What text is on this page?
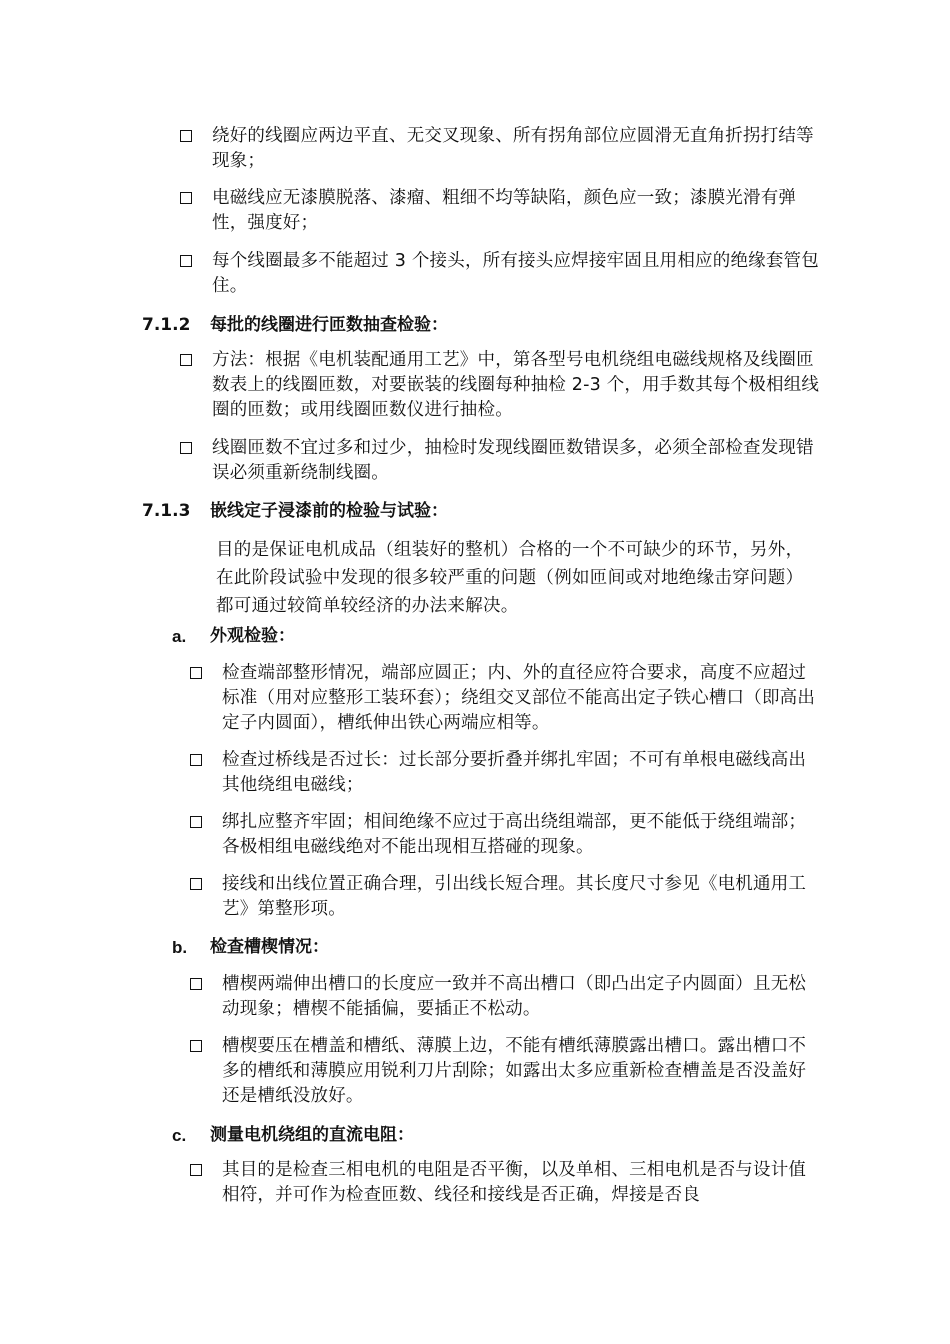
绕好的线圈应两边平直、无交叉现象、所有拐角部位应圆滑无直角折拐打结等现象；
电磁线应无漆膜脱落、漆瘤、粗细不均等缺陷，颜色应一致；漆膜光滑有弹性，强度好；
每个线圈最多不能超过 3 个接头，所有接头应焊接牢固且用相应的绝缘套管包住。
7.1.2	每批的线圈进行匝数抽查检验：
方法：根据《电机装配通用工艺》中，第各型号电机绕组电磁线规格及线圈匝数表上的线圈匝数，对要嵌装的线圈每种抽检 2-3 个，用手数其每个极相组线圈的匝数；或用线圈匝数仪进行抽检。
线圈匝数不宜过多和过少，抽检时发现线圈匝数错误多，必须全部检查发现错误必须重新绕制线圈。
7.1.3	嵌线定子浸漆前的检验与试验：
目的是保证电机成品（组装好的整机）合格的一个不可缺少的环节，另外，在此阶段试验中发现的很多较严重的问题（例如匝间或对地绝缘击穿问题）都可通过较简单较经济的办法来解决。
a.	外观检验：
检查端部整形情况，端部应圆正；内、外的直径应符合要求，高度不应超过标准（用对应整形工装环套）；绕组交叉部位不能高出定子铁心槽口（即高出定子内圆面），槽纸伸出铁心两端应相等。
检查过桥线是否过长：过长部分要折叠并绑扎牢固；不可有单根电磁线高出其他绕组电磁线；
绑扎应整齐牢固；相间绝缘不应过于高出绕组端部，更不能低于绕组端部；各极相组电磁线绝对不能出现相互搭碰的现象。
接线和出线位置正确合理，引出线长短合理。其长度尺寸参见《电机通用工艺》第整形项。
b.	检查槽楔情况：
槽楔两端伸出槽口的长度应一致并不高出槽口（即凸出定子内圆面）且无松动现象；槽楔不能插偏，要插正不松动。
槽楔要压在槽盖和槽纸、薄膜上边，不能有槽纸薄膜露出槽口。露出槽口不多的槽纸和薄膜应用锐利刀片刮除；如露出太多应重新检查槽盖是否没盖好还是槽纸没放好。
c.	测量电机绕组的直流电阻：
其目的是检查三相电机的电阻是否平衡，以及单相、三相电机是否与设计值相符，并可作为检查匝数、线径和接线是否正确，焊接是否良
